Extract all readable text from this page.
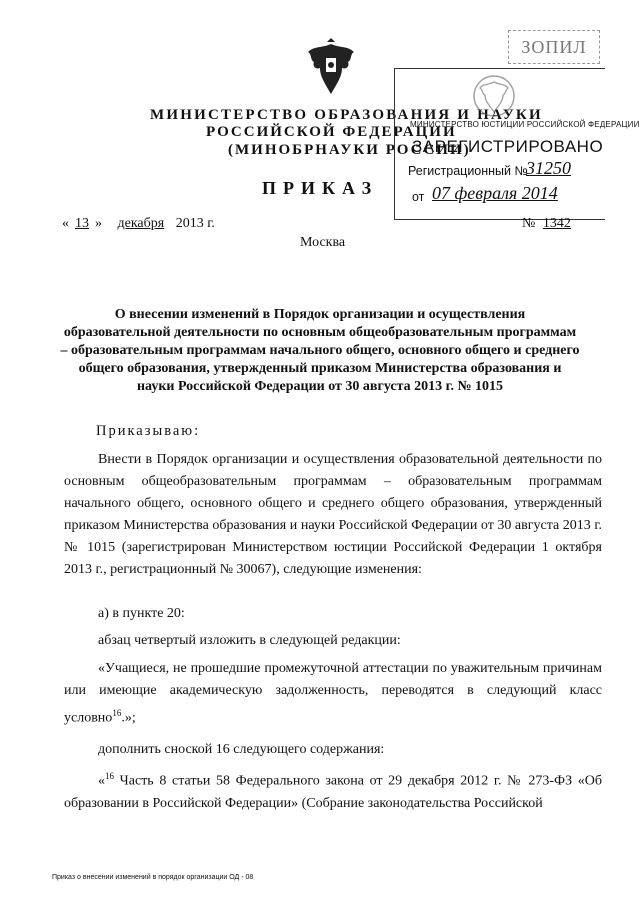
МИНИСТЕРСТВО ОБРАЗОВАНИЯ И НАУКИ
РОССИЙСКОЙ ФЕДЕРАЦИИ
(МИНОБРНАУКИ РОССИИ)
ПРИКАЗ
ЗОПИЛ
МИНИСТЕРСТВО ЮСТИЦИИ РОССИЙСКОЙ ФЕДЕРАЦИИ
ЗАРЕГИСТРИРОВАНО
Регистрационный №
31250
от 07 февраля 2014
« 13 » декабря 2013 г.	№ 1342
Москва
О внесении изменений в Порядок организации и осуществления образовательной деятельности по основным общеобразовательным программам – образовательным программам начального общего, основного общего и среднего общего образования, утвержденный приказом Министерства образования и науки Российской Федерации от 30 августа 2013 г. № 1015
Приказываю:
Внести в Порядок организации и осуществления образовательной деятельности по основным общеобразовательным программам – образовательным программам начального общего, основного общего и среднего общего образования, утвержденный приказом Министерства образования и науки Российской Федерации от 30 августа 2013 г. № 1015 (зарегистрирован Министерством юстиции Российской Федерации 1 октября 2013 г., регистрационный № 30067), следующие изменения:
а) в пункте 20:
абзац четвертый изложить в следующей редакции:
«Учащиеся, не прошедшие промежуточной аттестации по уважительным причинам или имеющие академическую задолженность, переводятся в следующий класс условно$^{16}$.»;
дополнить сноской 16 следующего содержания:
«$^{16}$ Часть 8 статьи 58 Федерального закона от 29 декабря 2012 г. № 273-ФЗ «Об образовании в Российской Федерации» (Собрание законодательства Российской
Приказ о внесении изменений в порядок организации ОД - 08
